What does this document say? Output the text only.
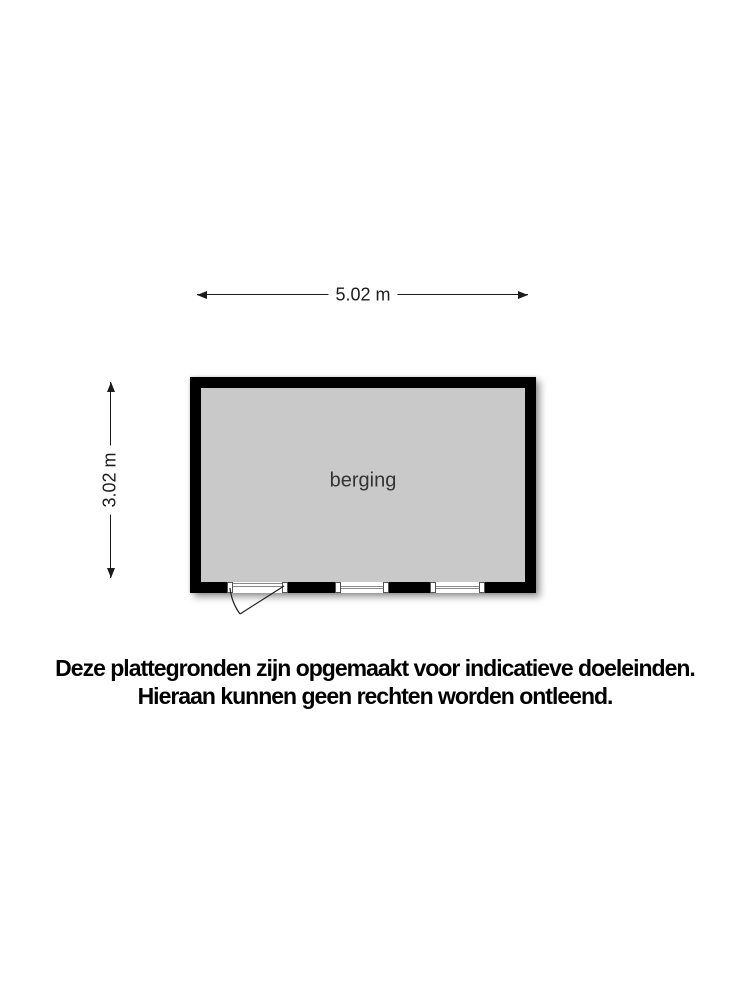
5.02 m
3.02 m	berging
Deze plattegronden zijn opgemaakt voor indicatieve doeleinden.
Hieraan kunnen geen rechten worden ontleend.
